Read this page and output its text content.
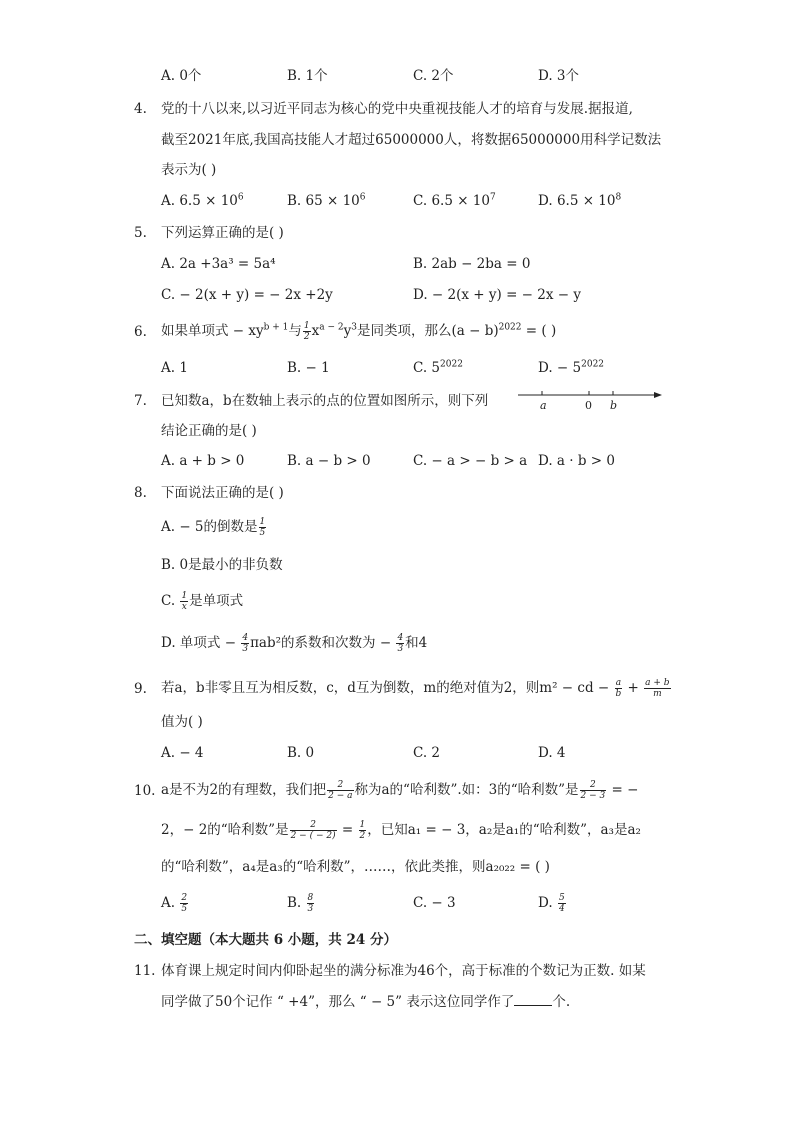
A. 0个	B. 1个	C. 2个	D. 3个
4. 党的十八以来,以习近平同志为核心的党中央重视技能人才的培育与发展.据报道,
截至2021年底,我国高技能人才超过65000000人，将数据65000000用科学记数法
表示为( )
A. $6.5 \times 10^6$	B. $65 \times 10^6$	C. $6.5 \times 10^7$	D. $6.5 \times 10^8$
5. 下列运算正确的是( )
A. 2a +3a³ = 5a⁴	B. 2ab − 2ba = 0
C. − 2(x + y) = − 2x +2y	D. − 2(x + y) = − 2x − y
6. 如果单项式 − $xy^{b + 1}$与 $\frac{1}{2} x^{a - 2}y^3$是同类项，那么$(a - b)^{2022}$ = ( )
A. 1	B. − 1	C. $5^{2022}$	D. − $5^{2022}$
7. 已知数a，b在数轴上表示的点的位置如图所示，则下列
结论正确的是( )
a	0 b
A. a + b > 0	B. a − b > 0	C. − a > − b > a D. a · b > 0
8. 下面说法正确的是( )
A. − 5的倒数是 $\frac{1}{5}$
B. 0是最小的非负数
C. $\frac{1}{x}$ 是单项式
D. 单项式 − $\frac{4}{3} \pi ab^2$的系数和次数为 − $\frac{4}{3}$ 和4
9. 若a，b非零且互为相反数，c，d互为倒数，m的绝对值为2，则m² − cd − $\frac{a}{b} + \frac{a + b}{m}$
值为( )
A. − 4	B. 0	C. 2	D. 4
10. a是不为2的有理数，我们把 $\frac{2}{2 - a}$ 称为a的“哈利数”.如：3的“哈利数”是 $\frac{2}{2 - 3}$ = −
2，− 2的“哈利数”是 $\frac{2}{2 - ( - 2)} = \frac{1}{2}$ ，已知a₁ = − 3，a₂是a₁的“哈利数”，a₃是a₂
的“哈利数”，a₄是a₃的“哈利数”，……，依此类推，则a₂₀₂₂ = ( )
A. $\frac{2}{5}$	B. $\frac{8}{3}$	C. − 3	D. $\frac{5}{4}$
二、填空题（本大题共 6 小题，共 24 分）
11. 体育课上规定时间内仰卧起坐的满分标准为46个，高于标准的个数记为正数. 如某
同学做了50个记作 “ +4”，那么 “ − 5” 表示这位同学作了	个.
